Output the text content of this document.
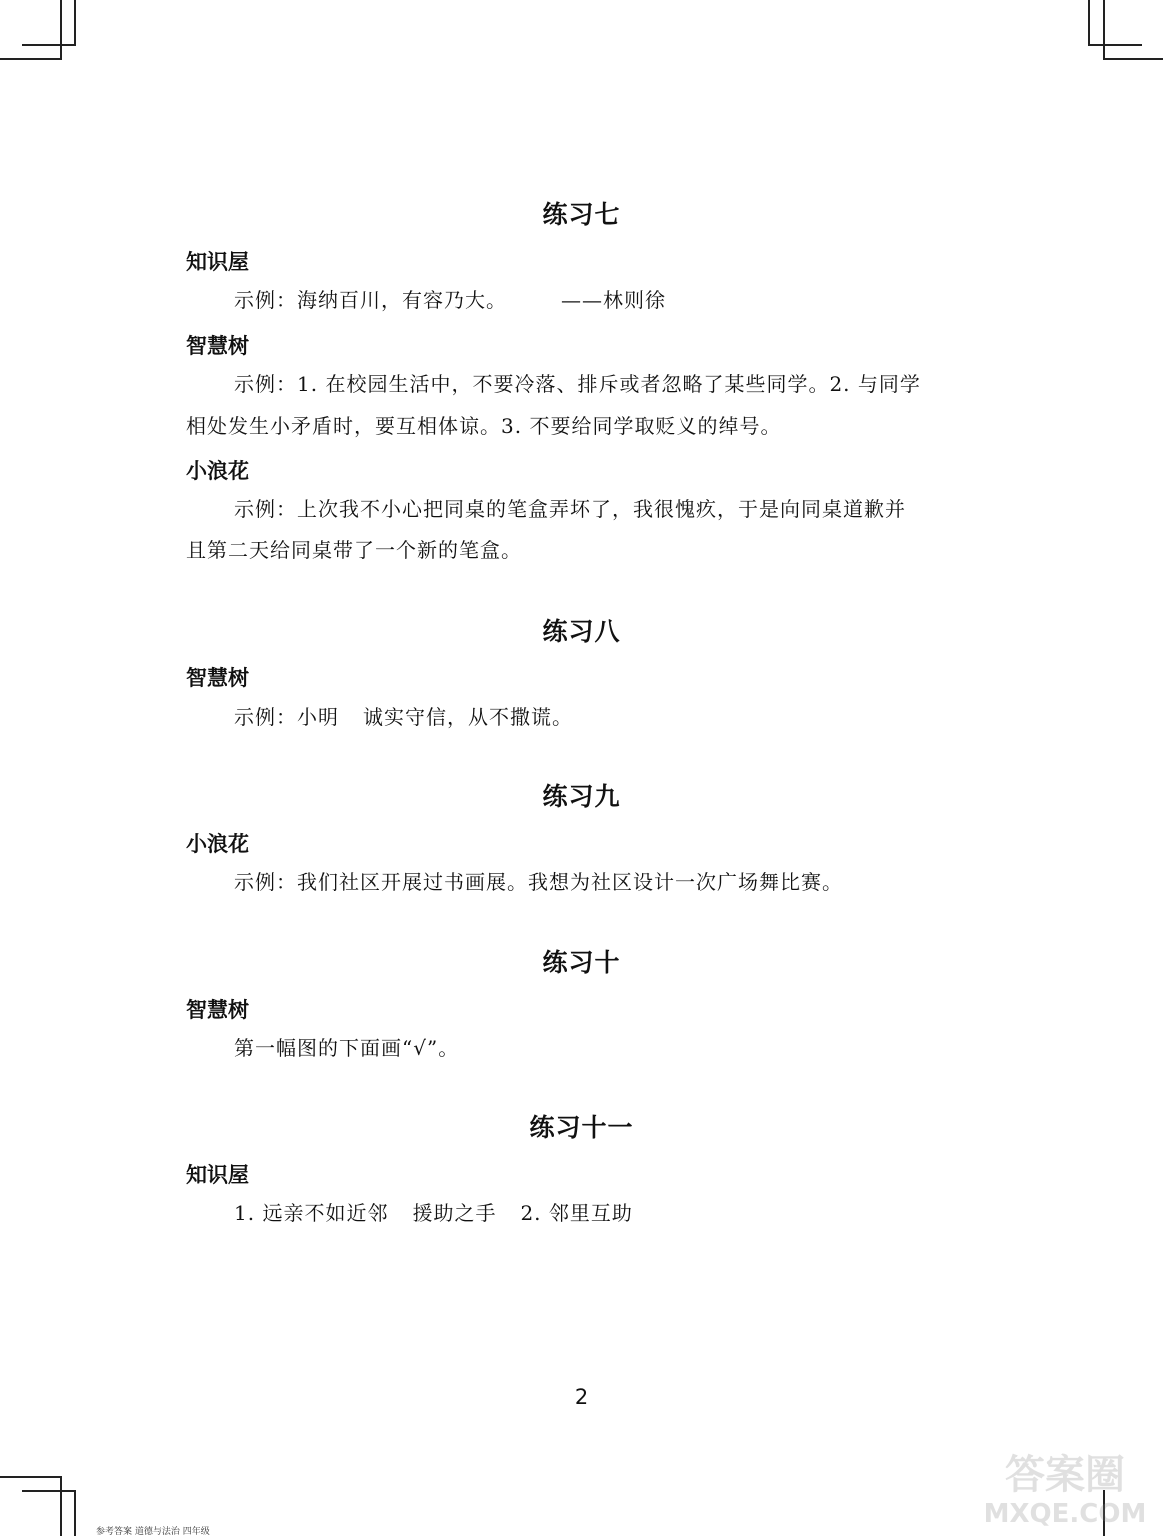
练习七
知识屋

示例：海纳百川，有容乃大。	——林则徐

智慧树

示例：1. 在校园生活中，不要冷落、排斥或者忽略了某些同学。2. 与同学

相处发生小矛盾时，要互相体谅。3. 不要给同学取贬义的绰号。

小浪花

示例：上次我不小心把同桌的笔盒弄坏了，我很愧疚，于是向同桌道歉并

且第二天给同桌带了一个新的笔盒。

练习八
智慧树

示例：小明 诚实守信，从不撒谎。

练习九
小浪花

示例：我们社区开展过书画展。我想为社区设计一次广场舞比赛。

练习十
智慧树

第一幅图的下面画“√”。

练习十一
知识屋

1. 远亲不如近邻 援助之手 2. 邻里互助

2
参考答案 道德与法治 四年级
答案圈
MXQE.COM
